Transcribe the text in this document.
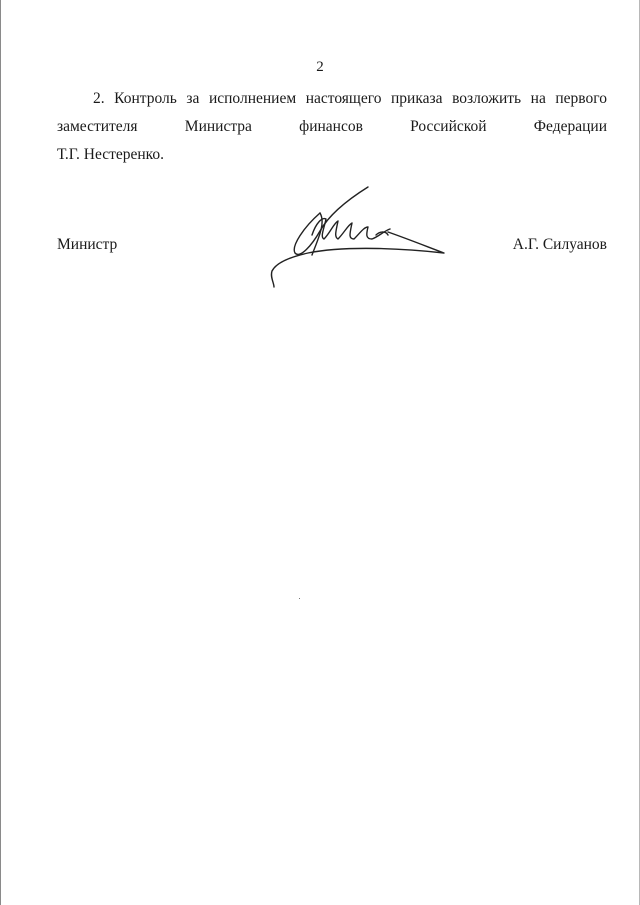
2
2. Контроль за исполнением настоящего приказа возложить на первого
заместителя	Министра	финансов	Российской	Федерации
Т.Г. Нестеренко.
Министр	А.Г. Силуанов
